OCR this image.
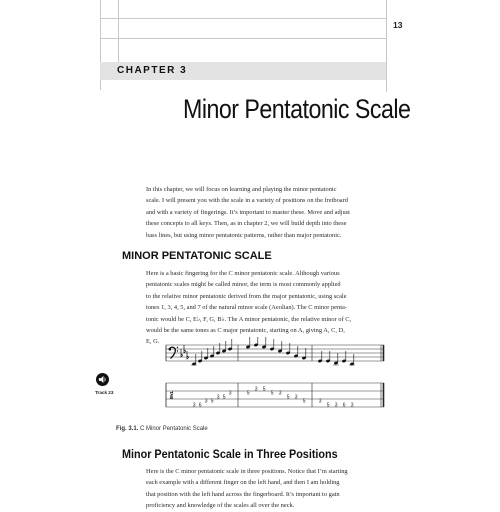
13
CHAPTER 3
Minor Pentatonic Scale
In this chapter, we will focus on learning and playing the minor pentatonic
scale. I will present you with the scale in a variety of positions on the fretboard
and with a variety of fingerings. It’s important to master these. Move and adjust
these concepts to all keys. Then, as in chapter 2, we will build depth into these
bass lines, but using minor pentatonic patterns, rather than major pentatonic.
MINOR PENTATONIC SCALE
Here is a basic fingering for the C minor pentatonic scale. Although various
pentatonic scales might be called minor, the term is most commonly applied
to the relative minor pentatonic derived from the major pentatonic, using scale
tones 1, 3, 4, 5, and 7 of the natural minor scale (Aeolian). The C minor penta-
tonic would be C, E♭, F, G, B♭. The A minor pentatonic, the relative minor of C,
would be the same tones as C major pentatonic, starting on A, giving A, C, D,
E, G.
Track 23	TAB
3 6
3 5
3 5
3	5
3 5
5 3
5 3
5	3
5 3 6 3
Fig. 3.1. C Minor Pentatonic Scale
Minor Pentatonic Scale in Three Positions
Here is the C minor pentatonic scale in three positions. Notice that I’m starting
each example with a different finger on the left hand, and then I am holding
that position with the left hand across the fingerboard. It’s important to gain
proficiency and knowledge of the scales all over the neck.
